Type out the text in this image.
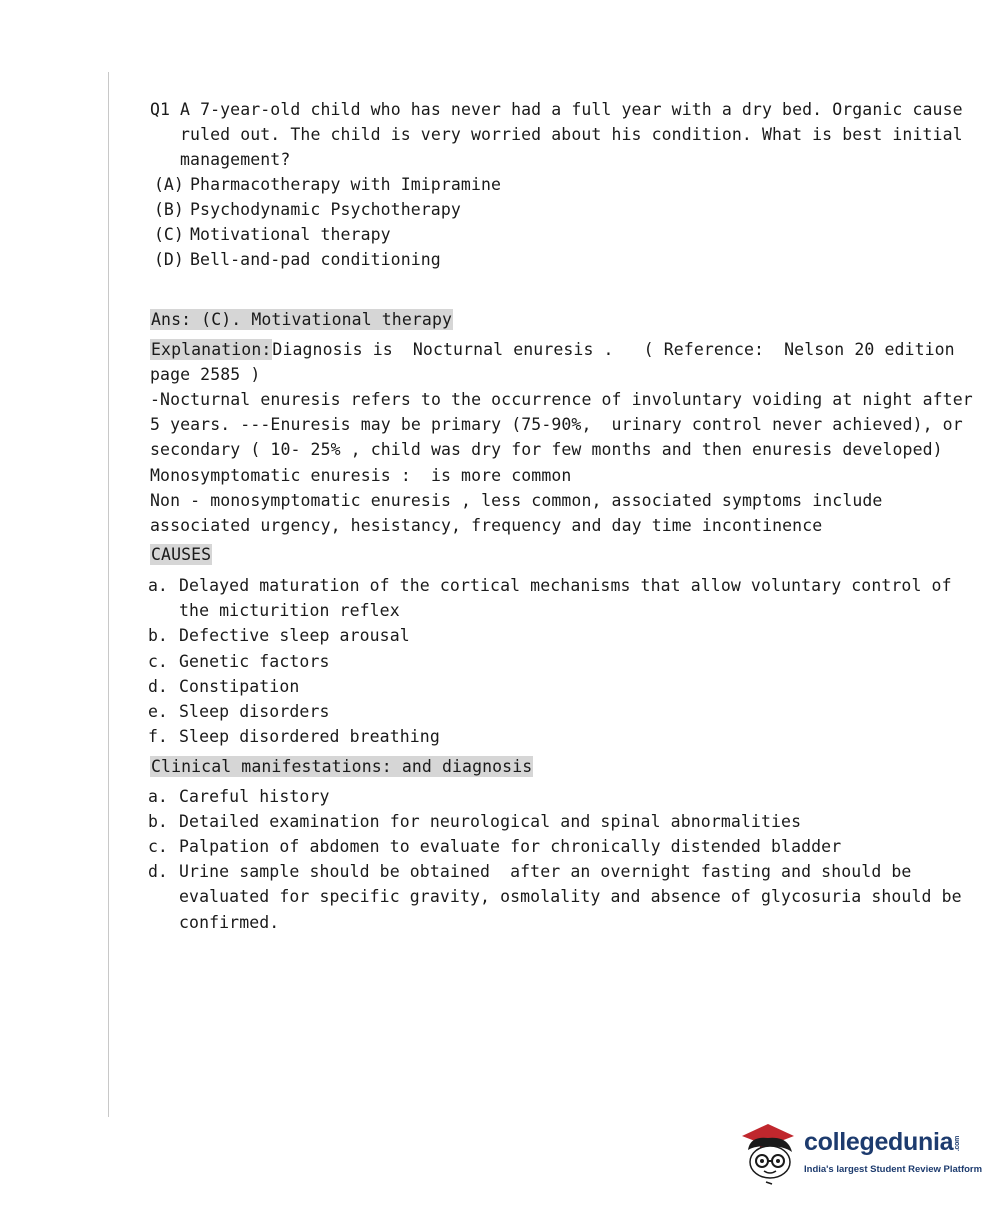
Q1 A 7-year-old child who has never had a full year with a dry bed. Organic cause
ruled out. The child is very worried about his condition. What is best initial
management?
(A) Pharmacotherapy with Imipramine
(B) Psychodynamic Psychotherapy
(C) Motivational therapy
(D) Bell-and-pad conditioning
Ans: (C). Motivational therapy
Explanation:Diagnosis is  Nocturnal enuresis .   ( Reference:  Nelson 20 edition
page 2585 )
-Nocturnal enuresis refers to the occurrence of involuntary voiding at night after
5 years. ---Enuresis may be primary (75-90%,  urinary control never achieved), or
secondary ( 10- 25% , child was dry for few months and then enuresis developed)
Monosymptomatic enuresis :  is more common
Non - monosymptomatic enuresis , less common, associated symptoms include
associated urgency, hesistancy, frequency and day time incontinence
CAUSES
a. Delayed maturation of the cortical mechanisms that allow voluntary control of
the micturition reflex
b. Defective sleep arousal
c. Genetic factors
d. Constipation
e. Sleep disorders
f. Sleep disordered breathing
Clinical manifestations: and diagnosis
a. Careful history
b. Detailed examination for neurological and spinal abnormalities
c. Palpation of abdomen to evaluate for chronically distended bladder
d. Urine sample should be obtained  after an overnight fasting and should be
evaluated for specific gravity, osmolality and absence of glycosuria should be
confirmed.
collegedunia.com
India's largest Student Review Platform
